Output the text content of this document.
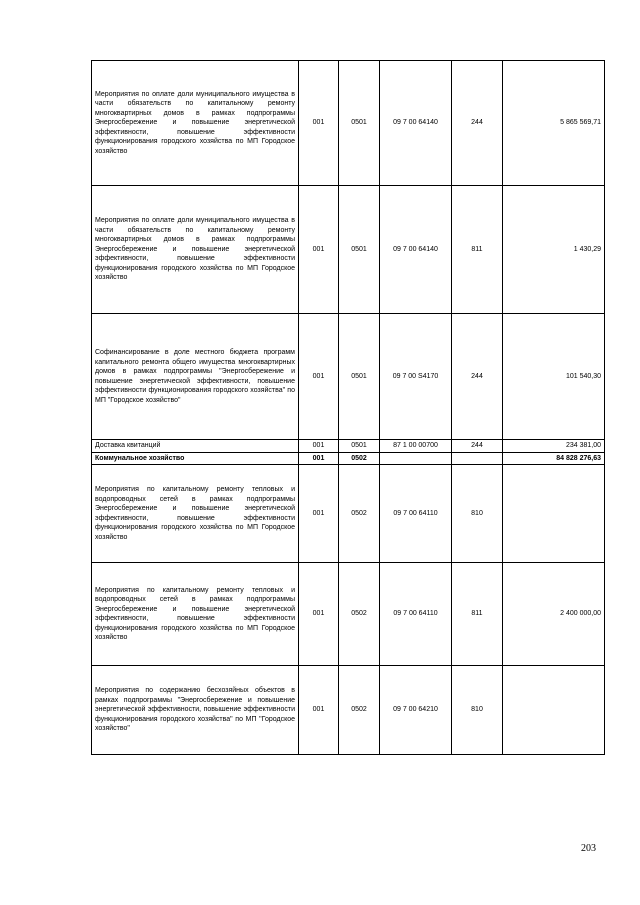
Мероприятия по оплате доли муниципального имущества в части обязательств по капитальному ремонту многоквартирных домов в рамках подпрограммы Энергосбережение и повышение энергетической эффективности, повышение эффективности функционирования городского хозяйства по МП Городское хозяйство	001	0501	09 7 00 64140	244	5 865 569,71
Мероприятия по оплате доли муниципального имущества в части обязательств по капитальному ремонту многоквартирных домов в рамках подпрограммы Энергосбережение и повышение энергетической эффективности, повышение эффективности функционирования городского хозяйства по МП Городское хозяйство	001	0501	09 7 00 64140	811	1 430,29
Софинансирование в доле местного бюджета программ капитального ремонта общего имущества многоквартирных домов в рамках подпрограммы "Энергосбережение и повышение энергетической эффективности, повышение эффективности функционирования городского хозяйства" по МП "Городское хозяйство"	001	0501	09 7 00 S4170	244	101 540,30
Доставка квитанций	001	0501	87 1 00 00700	244	234 381,00
Коммунальное хозяйство	001	0502			84 828 276,63
Мероприятия по капитальному ремонту тепловых и водопроводных сетей в рамках подпрограммы Энергосбережение и повышение энергетической эффективности, повышение эффективности функционирования городского хозяйства по МП Городское хозяйство	001	0502	09 7 00 64110	810	
Мероприятия по капитальному ремонту тепловых и водопроводных сетей в рамках подпрограммы Энергосбережение и повышение энергетической эффективности, повышение эффективности функционирования городского хозяйства по МП Городское хозяйство	001	0502	09 7 00 64110	811	2 400 000,00
Мероприятия по содержанию бесхозяйных объектов в рамках подпрограммы "Энергосбережение и повышение энергетической эффективности, повышение эффективности функционирования городского хозяйства" по МП "Городское хозяйство"	001	0502	09 7 00 64210	810	
203
